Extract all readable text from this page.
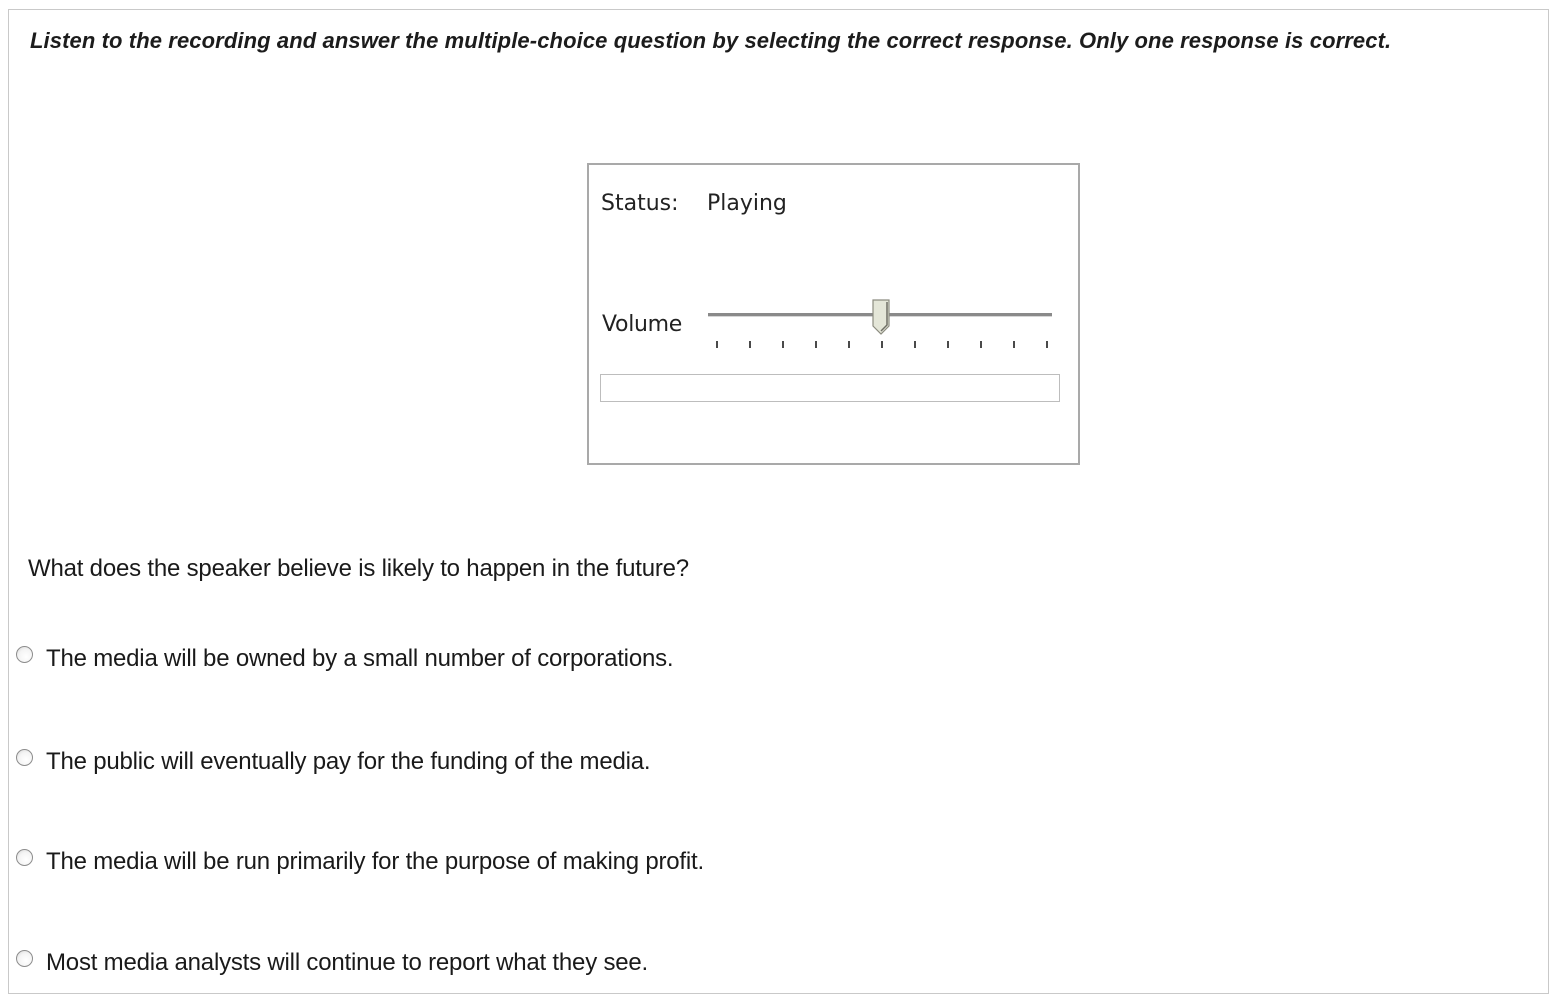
Listen to the recording and answer the multiple-choice question by selecting the correct response. Only one response is correct.
Status: Playing
Volume
What does the speaker believe is likely to happen in the future?
The media will be owned by a small number of corporations.
The public will eventually pay for the funding of the media.
The media will be run primarily for the purpose of making profit.
Most media analysts will continue to report what they see.
